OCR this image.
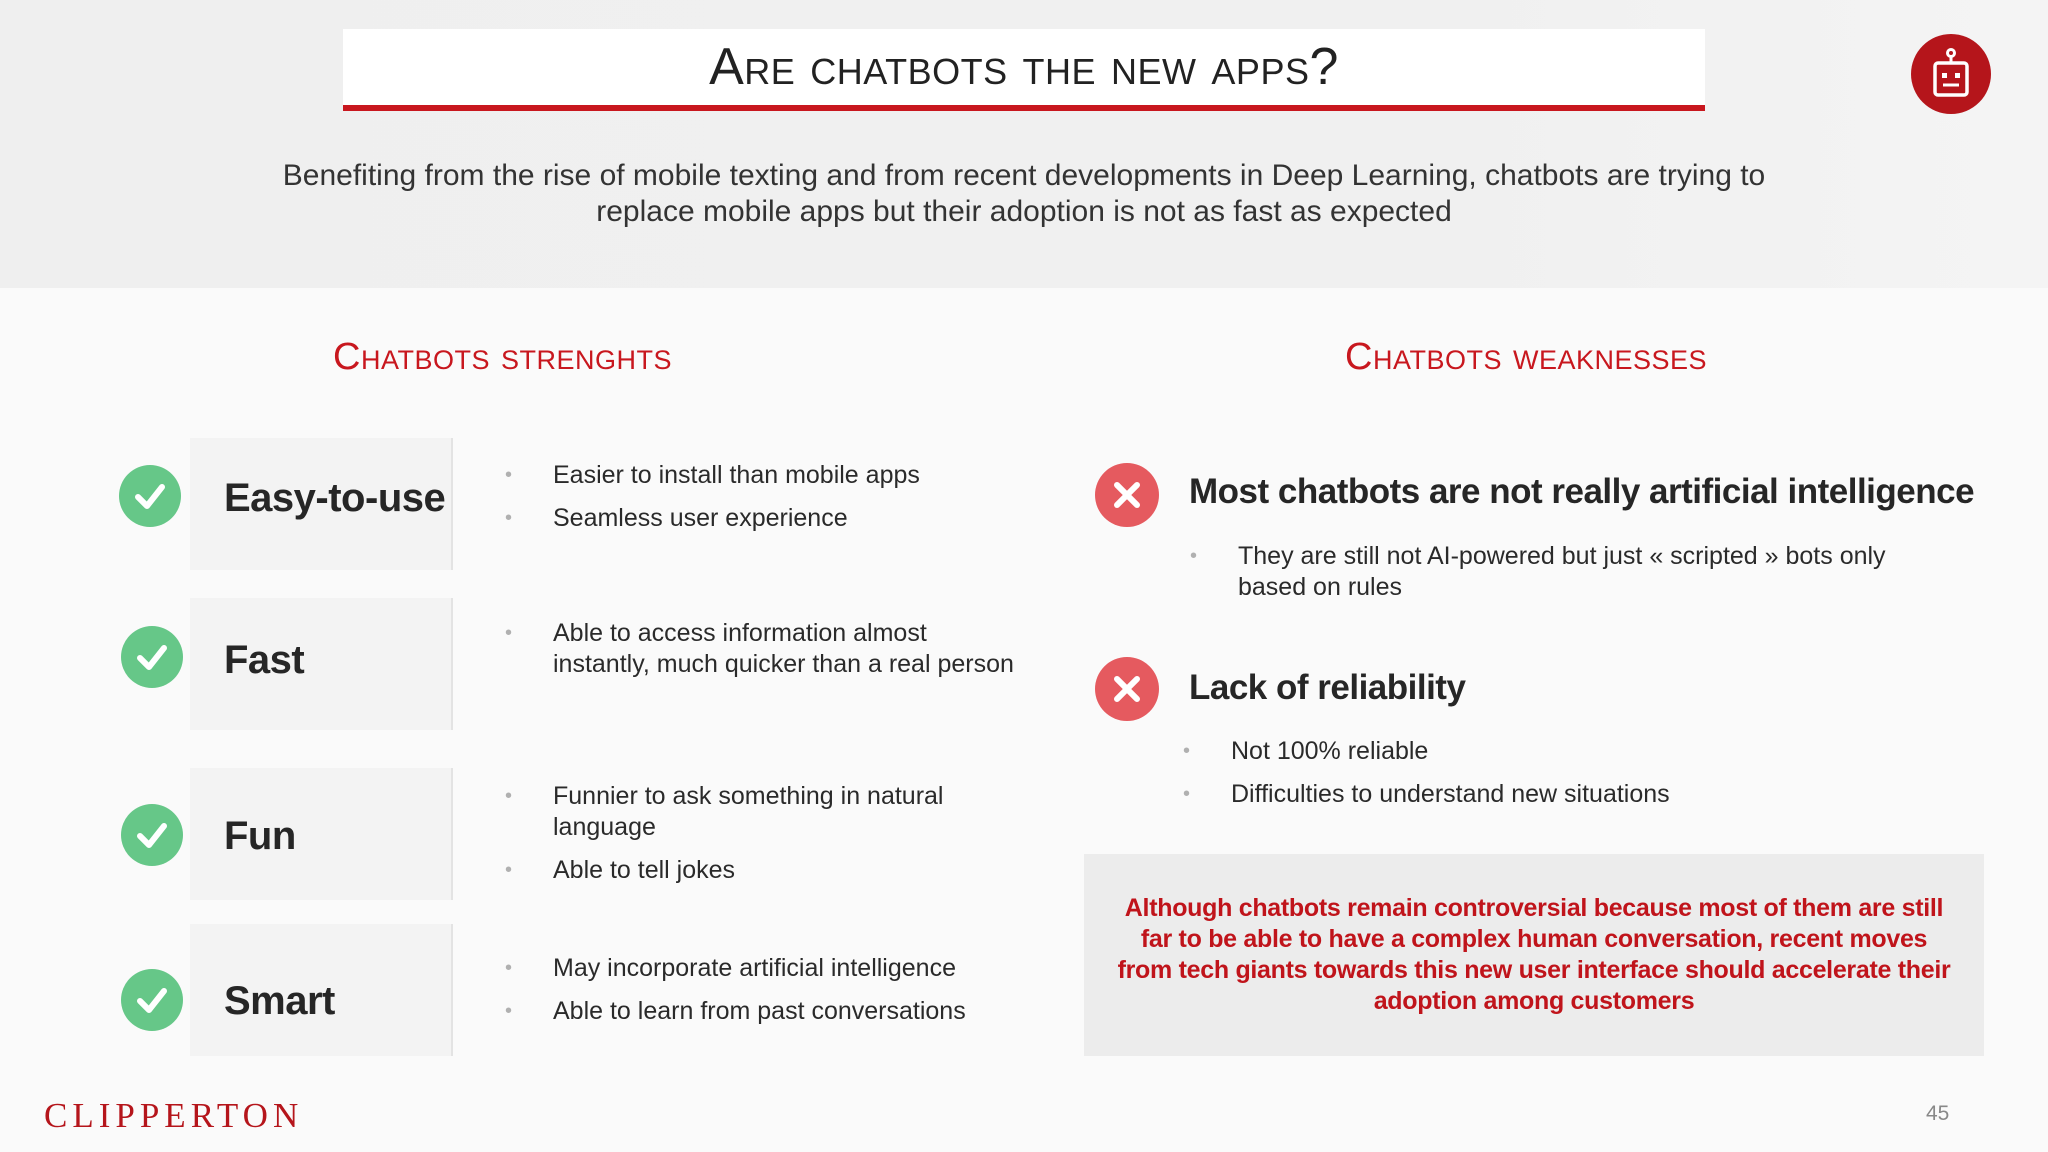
Are chatbots the new apps?
Benefiting from the rise of mobile texting and from recent developments in Deep Learning, chatbots are trying to replace mobile apps but their adoption is not as fast as expected
Chatbots strenghts
Easy-to-use
• Easier to install than mobile apps
• Seamless user experience
Fast
• Able to access information almost instantly, much quicker than a real person
Fun
• Funnier to ask something in natural language
• Able to tell jokes
Smart
• May incorporate artificial intelligence
• Able to learn from past conversations
Chatbots weaknesses
Most chatbots are not really artificial intelligence
• They are still not AI-powered but just « scripted » bots only based on rules
Lack of reliability
• Not 100% reliable
• Difficulties to understand new situations

Although chatbots remain controversial because most of them are still far to be able to have a complex human conversation, recent moves from tech giants towards this new user interface should accelerate their adoption among customers

CLIPPERTON	45
